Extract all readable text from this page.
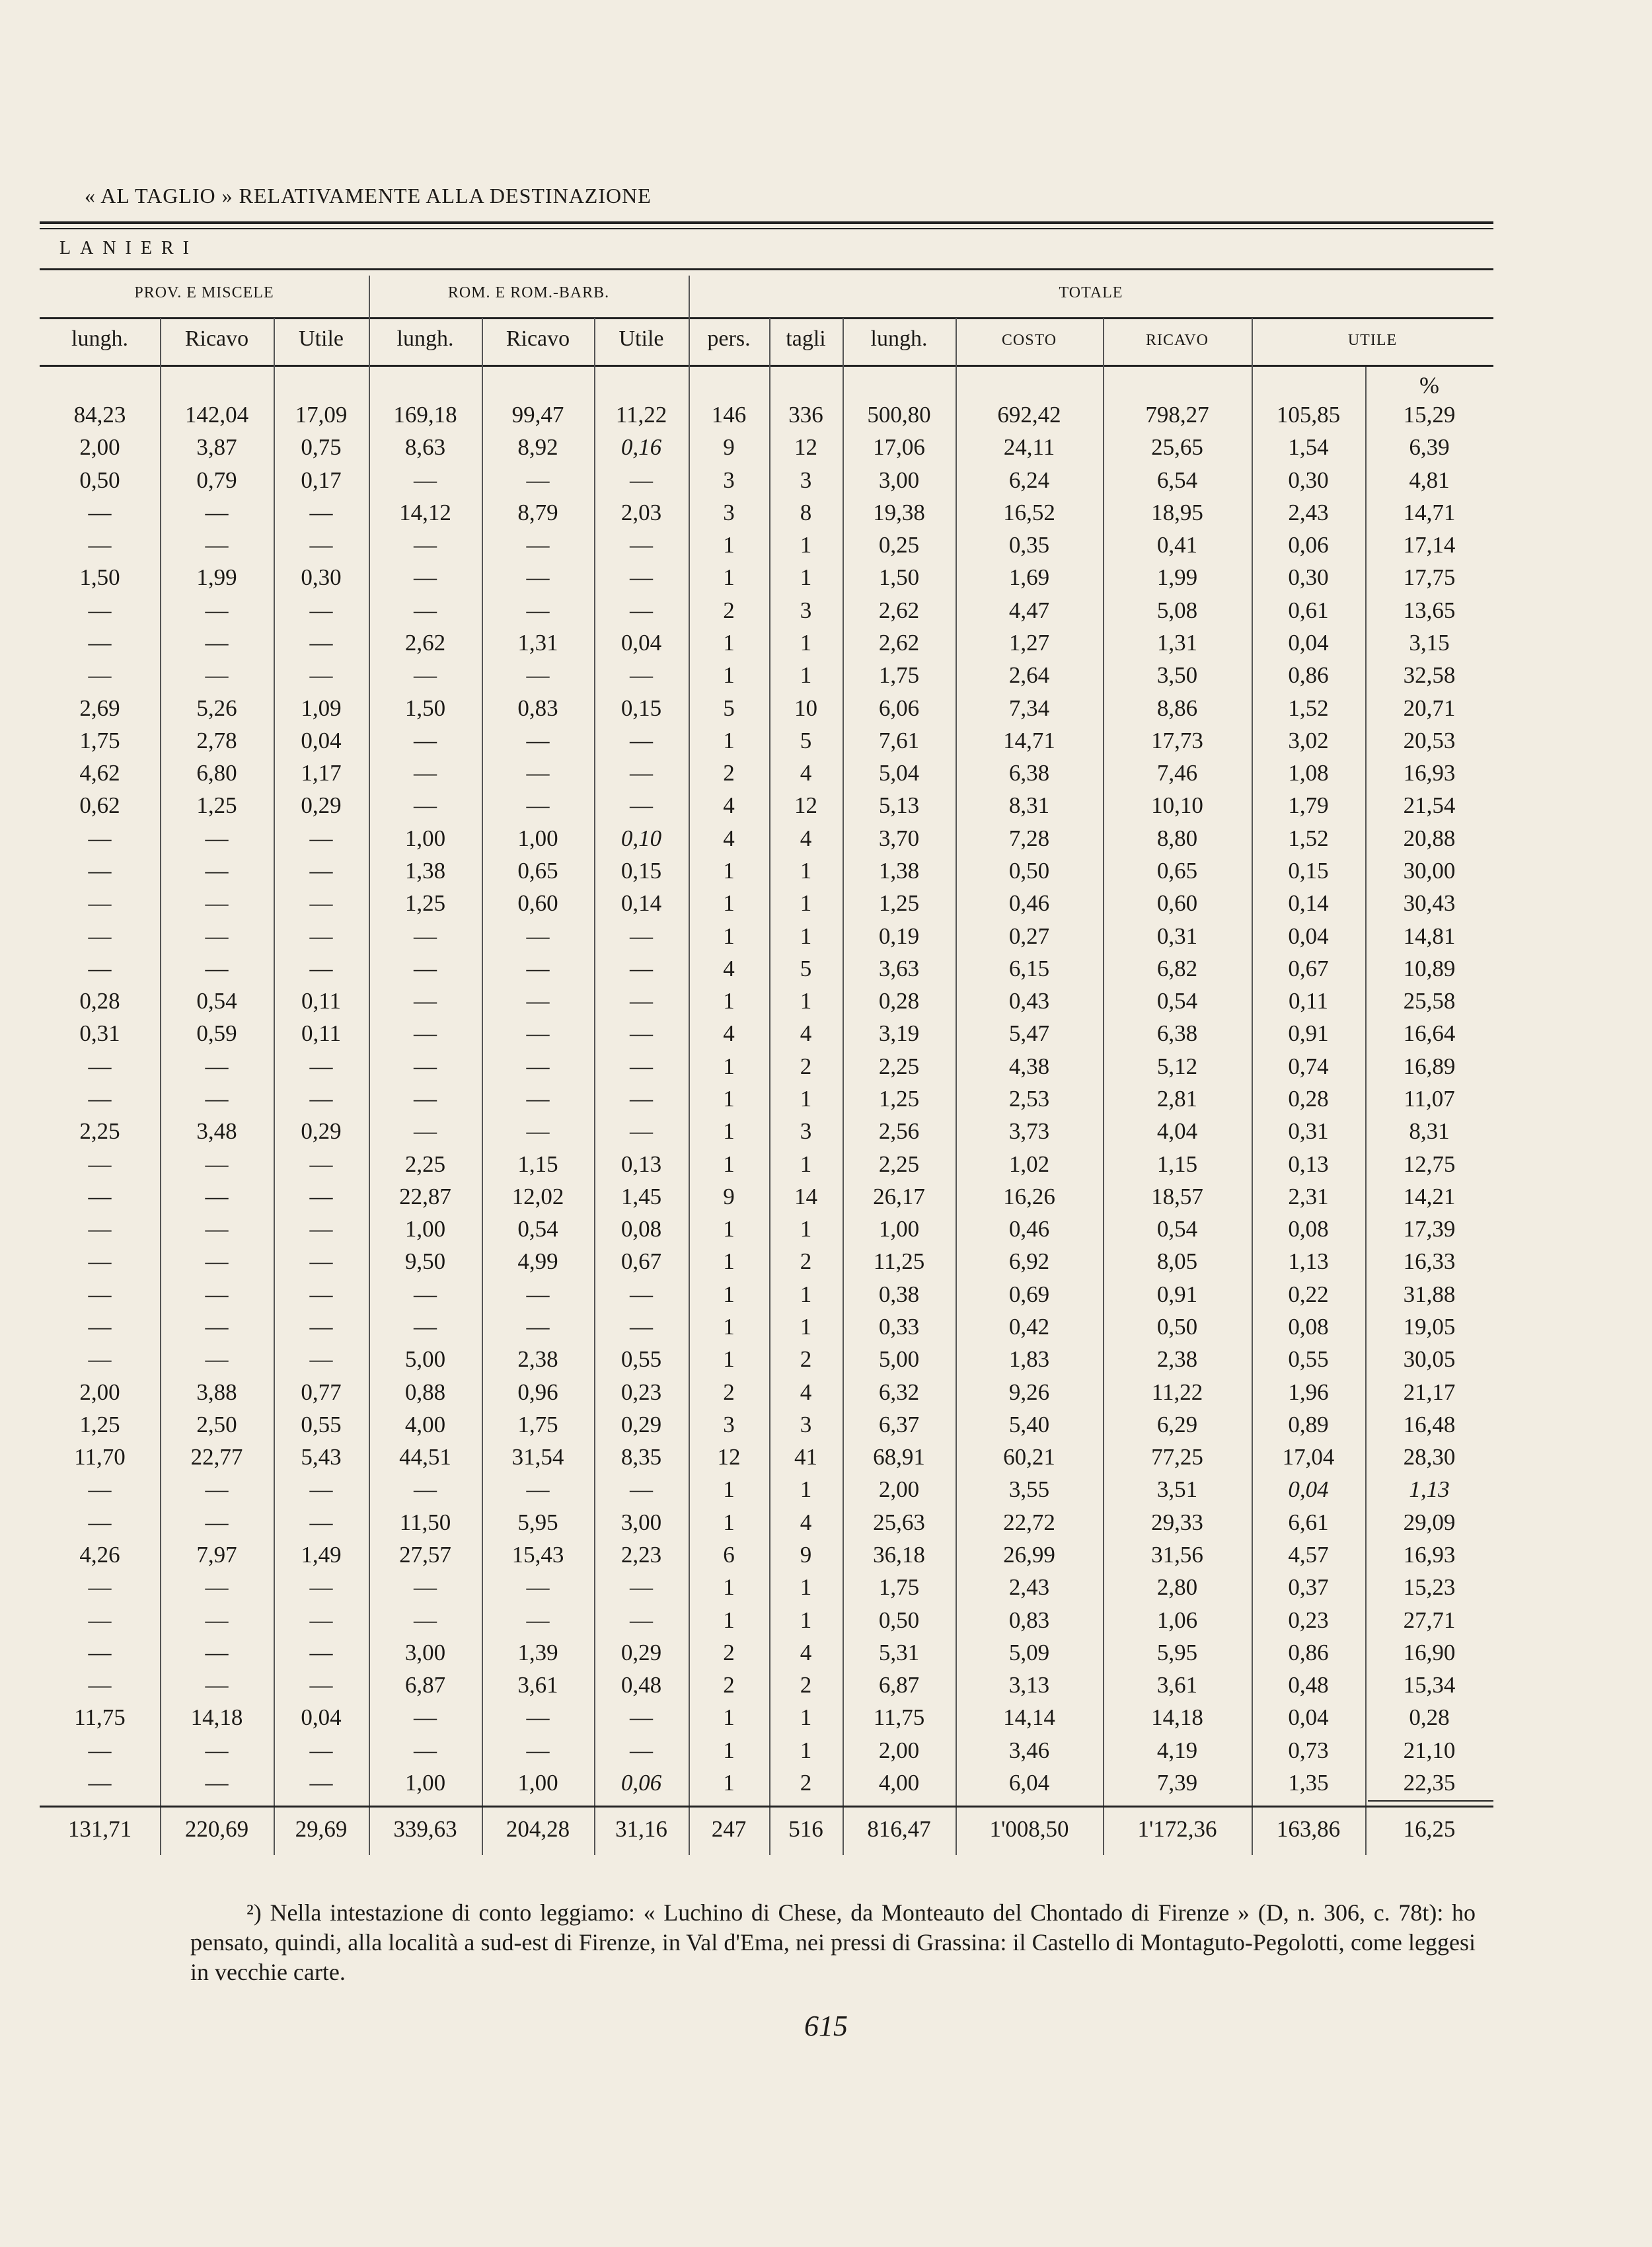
« AL TAGLIO » RELATIVAMENTE ALLA DESTINAZIONE
LANIERI
PROV. E MISCELE	ROM. E ROM.-BARB.	TOTALE
lungh.	Ricavo	Utile	lungh.	Ricavo	Utile	pers.	tagli	lungh.	COSTO	RICAVO	UTILE
%
84,23	142,04	17,09	169,18	99,47	11,22	146	336	500,80	692,42	798,27	105,85	15,29
2,00	3,87	0,75	8,63	8,92	0,16	9	12	17,06	24,11	25,65	1,54	6,39
0,50	0,79	0,17	—	—	—	3	3	3,00	6,24	6,54	0,30	4,81
—	—	—	14,12	8,79	2,03	3	8	19,38	16,52	18,95	2,43	14,71
—	—	—	—	—	—	1	1	0,25	0,35	0,41	0,06	17,14
1,50	1,99	0,30	—	—	—	1	1	1,50	1,69	1,99	0,30	17,75
—	—	—	—	—	—	2	3	2,62	4,47	5,08	0,61	13,65
—	—	—	2,62	1,31	0,04	1	1	2,62	1,27	1,31	0,04	3,15
—	—	—	—	—	—	1	1	1,75	2,64	3,50	0,86	32,58
2,69	5,26	1,09	1,50	0,83	0,15	5	10	6,06	7,34	8,86	1,52	20,71
1,75	2,78	0,04	—	—	—	1	5	7,61	14,71	17,73	3,02	20,53
4,62	6,80	1,17	—	—	—	2	4	5,04	6,38	7,46	1,08	16,93
0,62	1,25	0,29	—	—	—	4	12	5,13	8,31	10,10	1,79	21,54
—	—	—	1,00	1,00	0,10	4	4	3,70	7,28	8,80	1,52	20,88
—	—	—	1,38	0,65	0,15	1	1	1,38	0,50	0,65	0,15	30,00
—	—	—	1,25	0,60	0,14	1	1	1,25	0,46	0,60	0,14	30,43
—	—	—	—	—	—	1	1	0,19	0,27	0,31	0,04	14,81
—	—	—	—	—	—	4	5	3,63	6,15	6,82	0,67	10,89
0,28	0,54	0,11	—	—	—	1	1	0,28	0,43	0,54	0,11	25,58
0,31	0,59	0,11	—	—	—	4	4	3,19	5,47	6,38	0,91	16,64
—	—	—	—	—	—	1	2	2,25	4,38	5,12	0,74	16,89
—	—	—	—	—	—	1	1	1,25	2,53	2,81	0,28	11,07
2,25	3,48	0,29	—	—	—	1	3	2,56	3,73	4,04	0,31	8,31
—	—	—	2,25	1,15	0,13	1	1	2,25	1,02	1,15	0,13	12,75
—	—	—	22,87	12,02	1,45	9	14	26,17	16,26	18,57	2,31	14,21
—	—	—	1,00	0,54	0,08	1	1	1,00	0,46	0,54	0,08	17,39
—	—	—	9,50	4,99	0,67	1	2	11,25	6,92	8,05	1,13	16,33
—	—	—	—	—	—	1	1	0,38	0,69	0,91	0,22	31,88
—	—	—	—	—	—	1	1	0,33	0,42	0,50	0,08	19,05
—	—	—	5,00	2,38	0,55	1	2	5,00	1,83	2,38	0,55	30,05
2,00	3,88	0,77	0,88	0,96	0,23	2	4	6,32	9,26	11,22	1,96	21,17
1,25	2,50	0,55	4,00	1,75	0,29	3	3	6,37	5,40	6,29	0,89	16,48
11,70	22,77	5,43	44,51	31,54	8,35	12	41	68,91	60,21	77,25	17,04	28,30
—	—	—	—	—	—	1	1	2,00	3,55	3,51	0,04	1,13
—	—	—	11,50	5,95	3,00	1	4	25,63	22,72	29,33	6,61	29,09
4,26	7,97	1,49	27,57	15,43	2,23	6	9	36,18	26,99	31,56	4,57	16,93
—	—	—	—	—	—	1	1	1,75	2,43	2,80	0,37	15,23
—	—	—	—	—	—	1	1	0,50	0,83	1,06	0,23	27,71
—	—	—	3,00	1,39	0,29	2	4	5,31	5,09	5,95	0,86	16,90
—	—	—	6,87	3,61	0,48	2	2	6,87	3,13	3,61	0,48	15,34
11,75	14,18	0,04	—	—	—	1	1	11,75	14,14	14,18	0,04	0,28
—	—	—	—	—	—	1	1	2,00	3,46	4,19	0,73	21,10
—	—	—	1,00	1,00	0,06	1	2	4,00	6,04	7,39	1,35	22,35
131,71	220,69	29,69	339,63	204,28	31,16	247	516	816,47	1'008,50	1'172,36	163,86	16,25
²) Nella intestazione di conto leggiamo: « Luchino di Chese, da Monteauto del Chontado di Firenze » (D, n. 306, c. 78t): ho pensato, quindi, alla località a sud-est di Firenze, in Val d'Ema, nei pressi di Grassina: il Castello di Montaguto-Pegolotti, come leggesi in vecchie carte.
615
